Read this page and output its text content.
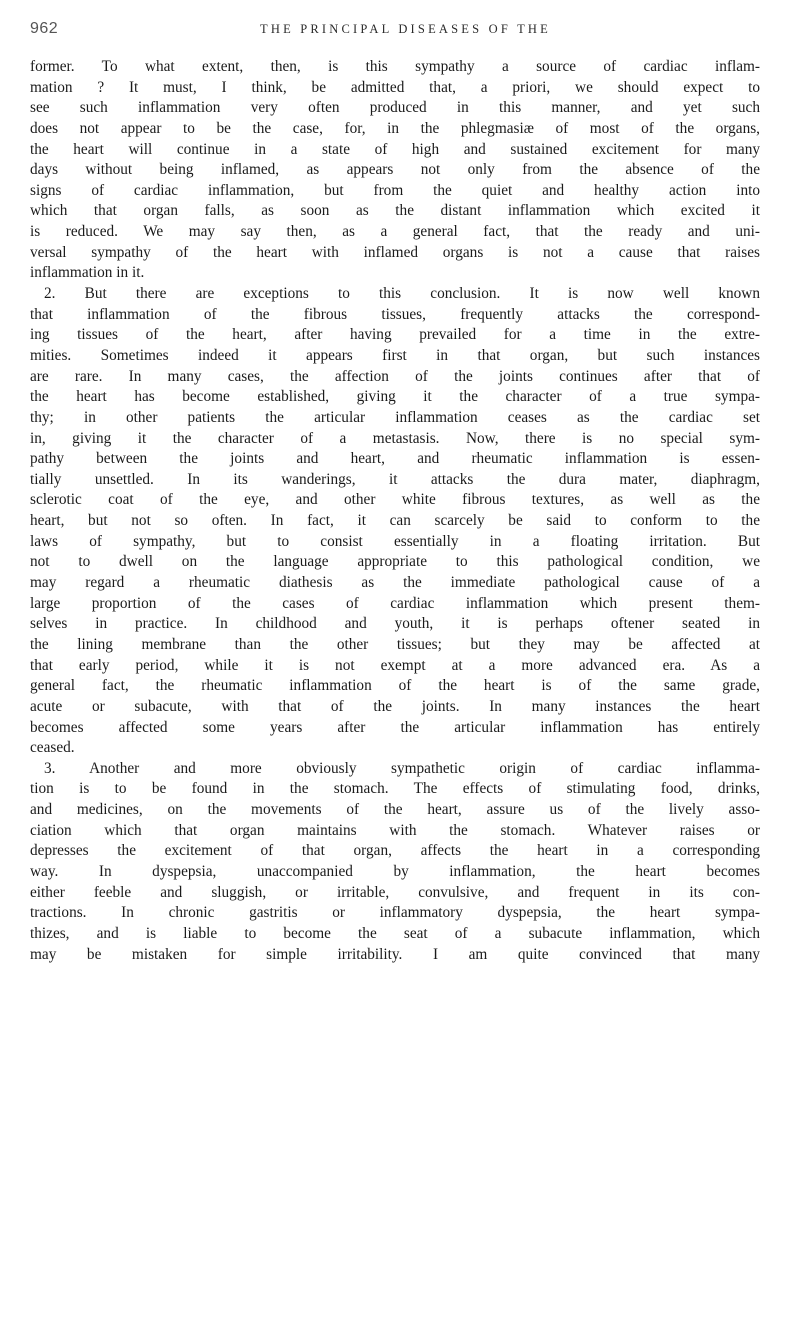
962	THE PRINCIPAL DISEASES OF THE
former. To what extent, then, is this sympathy a source of cardiac inflam-
mation ? It must, I think, be admitted that, a priori, we should expect to
see such inflammation very often produced in this manner, and yet such
does not appear to be the case, for, in the phlegmasiæ of most of the organs,
the heart will continue in a state of high and sustained excitement for many
days without being inflamed, as appears not only from the absence of the
signs of cardiac inflammation, but from the quiet and healthy action into
which that organ falls, as soon as the distant inflammation which excited it
is reduced. We may say then, as a general fact, that the ready and uni-
versal sympathy of the heart with inflamed organs is not a cause that raises
inflammation in it.
2. But there are exceptions to this conclusion. It is now well known
that inflammation of the fibrous tissues, frequently attacks the correspond-
ing tissues of the heart, after having prevailed for a time in the extre-
mities. Sometimes indeed it appears first in that organ, but such instances
are rare. In many cases, the affection of the joints continues after that of
the heart has become established, giving it the character of a true sympa-
thy; in other patients the articular inflammation ceases as the cardiac set
in, giving it the character of a metastasis. Now, there is no special sym-
pathy between the joints and heart, and rheumatic inflammation is essen-
tially unsettled. In its wanderings, it attacks the dura mater, diaphragm,
sclerotic coat of the eye, and other white fibrous textures, as well as the
heart, but not so often. In fact, it can scarcely be said to conform to the
laws of sympathy, but to consist essentially in a floating irritation. But
not to dwell on the language appropriate to this pathological condition, we
may regard a rheumatic diathesis as the immediate pathological cause of a
large proportion of the cases of cardiac inflammation which present them-
selves in practice. In childhood and youth, it is perhaps oftener seated in
the lining membrane than the other tissues; but they may be affected at
that early period, while it is not exempt at a more advanced era. As a
general fact, the rheumatic inflammation of the heart is of the same grade,
acute or subacute, with that of the joints. In many instances the heart
becomes affected some years after the articular inflammation has entirely
ceased.
3. Another and more obviously sympathetic origin of cardiac inflamma-
tion is to be found in the stomach. The effects of stimulating food, drinks,
and medicines, on the movements of the heart, assure us of the lively asso-
ciation which that organ maintains with the stomach. Whatever raises or
depresses the excitement of that organ, affects the heart in a corresponding
way. In dyspepsia, unaccompanied by inflammation, the heart becomes
either feeble and sluggish, or irritable, convulsive, and frequent in its con-
tractions. In chronic gastritis or inflammatory dyspepsia, the heart sympa-
thizes, and is liable to become the seat of a subacute inflammation, which
may be mistaken for simple irritability. I am quite convinced that many
